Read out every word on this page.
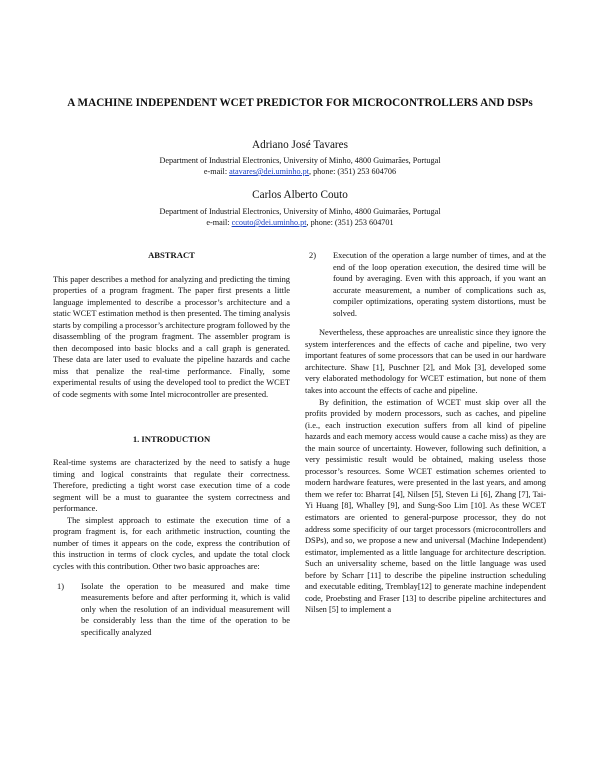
A MACHINE INDEPENDENT WCET PREDICTOR FOR MICROCONTROLLERS AND DSPs
Adriano José Tavares
Department of Industrial Electronics, University of Minho, 4800 Guimarães, Portugal
e-mail: atavares@dei.uminho.pt, phone: (351) 253 604706
Carlos Alberto Couto
Department of Industrial Electronics, University of Minho, 4800 Guimarães, Portugal
e-mail: ccouto@dei.uminho.pt, phone: (351) 253 604701
ABSTRACT

This paper describes a method for analyzing and predicting the timing properties of a program fragment. The paper first presents a little language implemented to describe a processor’s architecture and a static WCET estimation method is then presented. The timing analysis starts by compiling a processor’s architecture program followed by the disassembling of the program fragment. The assembler program is then decomposed into basic blocks and a call graph is generated. These data are later used to evaluate the pipeline hazards and cache miss that penalize the real-time performance. Finally, some experimental results of using the developed tool to predict the WCET of code segments with some Intel microcontroller are presented.

1. INTRODUCTION

Real-time systems are characterized by the need to satisfy a huge timing and logical constraints that regulate their correctness. Therefore, predicting a tight worst case execution time of a code segment will be a must to guarantee the system correctness and performance.

The simplest approach to estimate the execution time of a program fragment is, for each arithmetic instruction, counting the number of times it appears on the code, express the contribution of this instruction in terms of clock cycles, and update the total clock cycles with this contribution. Other two basic approaches are:

1)	Isolate the operation to be measured and make time measurements before and after performing it, which is valid only when the resolution of an individual measurement will be considerably less than the time of the operation to be specifically analyzed
2)	Execution of the operation a large number of times, and at the end of the loop operation execution, the desired time will be found by averaging. Even with this approach, if you want an accurate measurement, a number of complications such as, compiler optimizations, operating system distortions, must be solved.

Nevertheless, these approaches are unrealistic since they ignore the system interferences and the effects of cache and pipeline, two very important features of some processors that can be used in our hardware architecture. Shaw [1], Puschner [2], and Mok [3], developed some very elaborated methodology for WCET estimation, but none of them takes into account the effects of cache and pipeline.

By definition, the estimation of WCET must skip over all the profits provided by modern processors, such as caches, and pipeline (i.e., each instruction execution suffers from all kind of pipeline hazards and each memory access would cause a cache miss) as they are the main source of uncertainty. However, following such definition, a very pessimistic result would be obtained, making useless those processor’s resources. Some WCET estimation schemes oriented to modern hardware features, were presented in the last years, and among them we refer to: Bharrat [4], Nilsen [5], Steven Li [6], Zhang [7], Tai-Yi Huang [8], Whalley [9], and Sung-Soo Lim [10]. As these WCET estimators are oriented to general-purpose processor, they do not address some specificity of our target processors (microcontrollers and DSPs), and so, we propose a new and universal (Machine Independent) estimator, implemented as a little language for architecture description. Such an universality scheme, based on the little language was used before by Scharr [11] to describe the pipeline instruction scheduling and executable editing, Tremblay[12] to generate machine independent code, Proebsting and Fraser [13] to describe pipeline architectures and Nilsen [5] to implement a
